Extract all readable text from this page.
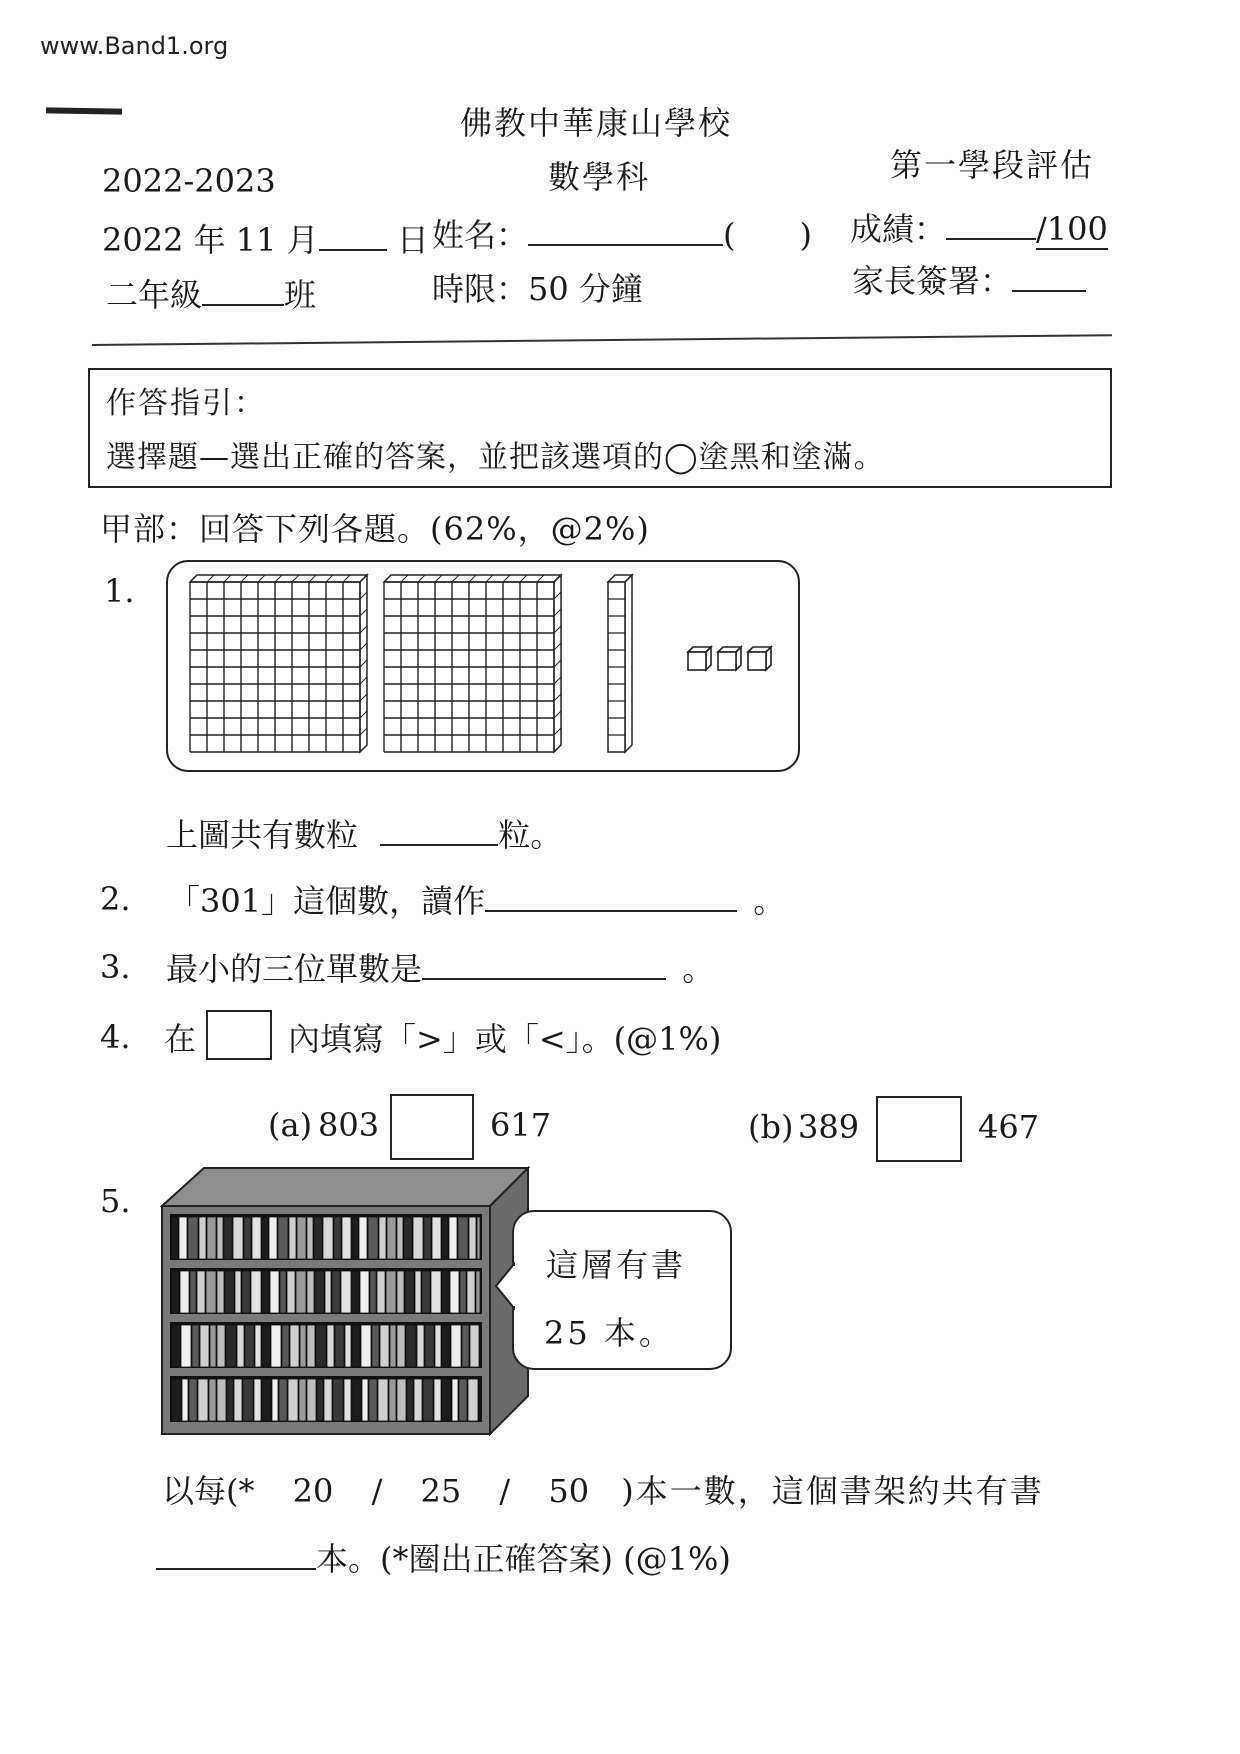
www.Band1.org
佛教中華康山學校
數學科	第一學段評估
2022-2023
2022 年 11 月 日 姓名：	(　　) 成績：	/100
二年級	班	時限：50 分鐘	家長簽署：
作答指引：
選擇題—選出正確的答案，並把該選項的◯塗黑和塗滿。
甲部：回答下列各題。(62%，@2%)
1.
上圖共有數粒	粒。
2. 「301」這個數，讀作	。
3. 最小的三位單數是	。
4. 在	內填寫「>」或「<」。(@1%)
(a) 803	617	(b) 389	467
5.
這層有書
25 本。
以每(* 20 / 25 / 50 )本一數，這個書架約共有書
本。(*圈出正確答案) (@1%)
